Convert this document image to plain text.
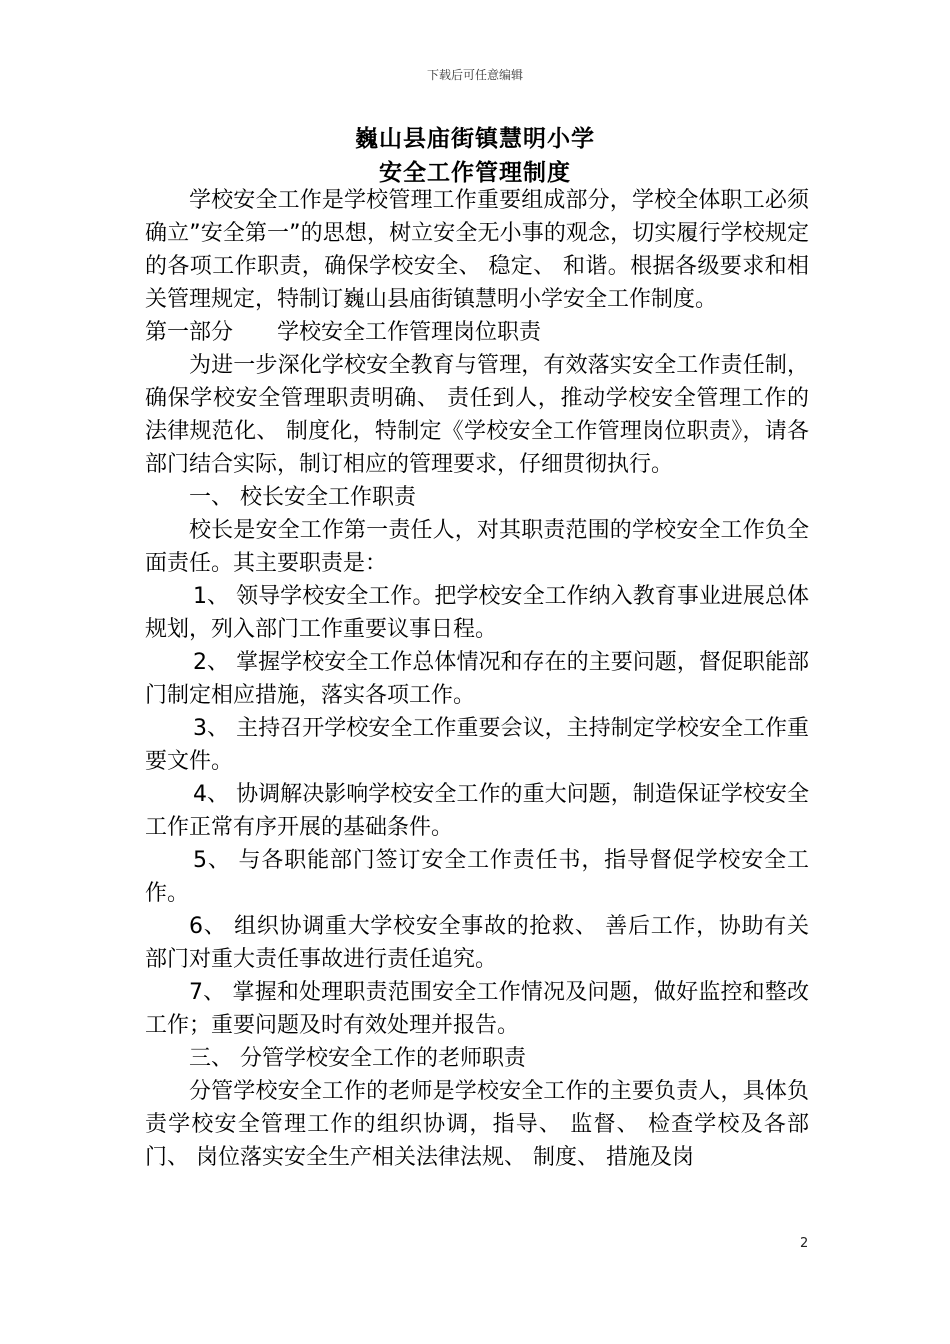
下载后可任意编辑
巍山县庙街镇慧明小学
安全工作管理制度

学校安全工作是学校管理工作重要组成部分，学校全体职工必须确立”安全第一”的思想，树立安全无小事的观念，切实履行学校规定的各项工作职责，确保学校安全、 稳定、 和谐。根据各级要求和相关管理规定，特制订巍山县庙街镇慧明小学安全工作制度。

第一部分 学校安全工作管理岗位职责

为进一步深化学校安全教育与管理，有效落实安全工作责任制，确保学校安全管理职责明确、 责任到人，推动学校安全管理工作的法律规范化、 制度化，特制定《学校安全工作管理岗位职责》，请各部门结合实际，制订相应的管理要求，仔细贯彻执行。

一、 校长安全工作职责

校长是安全工作第一责任人，对其职责范围的学校安全工作负全面责任。其主要职责是：

1、 领导学校安全工作。把学校安全工作纳入教育事业进展总体规划，列入部门工作重要议事日程。

2、 掌握学校安全工作总体情况和存在的主要问题，督促职能部门制定相应措施，落实各项工作。

3、 主持召开学校安全工作重要会议，主持制定学校安全工作重要文件。

4、 协调解决影响学校安全工作的重大问题，制造保证学校安全工作正常有序开展的基础条件。

5、 与各职能部门签订安全工作责任书，指导督促学校安全工作。

6、 组织协调重大学校安全事故的抢救、 善后工作，协助有关部门对重大责任事故进行责任追究。

7、 掌握和处理职责范围安全工作情况及问题，做好监控和整改工作；重要问题及时有效处理并报告。

三、 分管学校安全工作的老师职责

分管学校安全工作的老师是学校安全工作的主要负责人，具体负责学校安全管理工作的组织协调，指导、 监督、 检查学校及各部门、 岗位落实安全生产相关法律法规、 制度、 措施及岗

2
